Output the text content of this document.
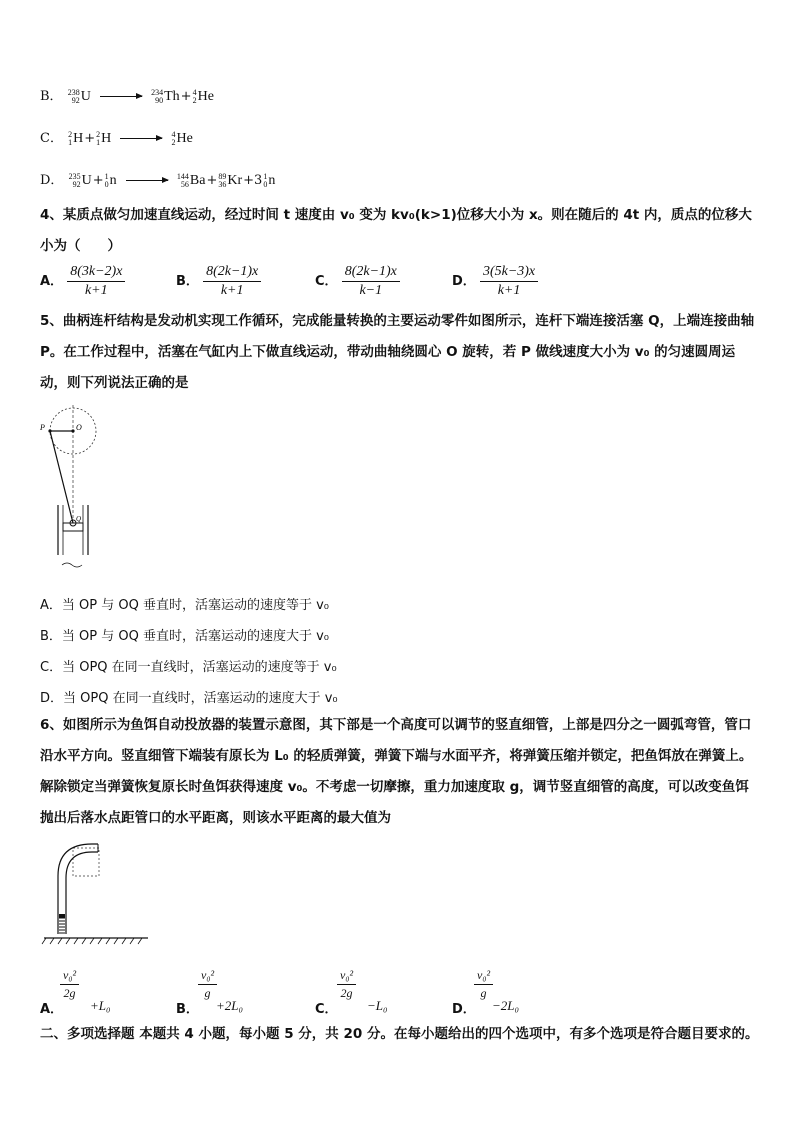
B． 238
92 U → 234
90 Th+ 4
2 He
C． 2
1 H+ 2
1 H → 4
2 He
D． 235
92 U+ 1
0 n → 144
56 Ba+ 89
36 Kr+3 1
0 n
4、某质点做匀加速直线运动，经过时间 t 速度由 v₀ 变为 kv₀(k>1)位移大小为 x。则在随后的 4t 内，质点的位移大小为（　　）
A． $\frac{8(3k-2)x}{k+1}$	B． $\frac{8(2k-1)x}{k+1}$	C． $\frac{8(2k-1)x}{k-1}$	D． $\frac{3(5k-3)x}{k+1}$
5、曲柄连杆结构是发动机实现工作循环，完成能量转换的主要运动零件如图所示，连杆下端连接活塞 Q，上端连接曲轴 P。在工作过程中，活塞在气缸内上下做直线运动，带动曲轴绕圆心 O 旋转，若 P 做线速度大小为 v₀ 的匀速圆周运动，则下列说法正确的是
P	O
Q
A．当 OP 与 OQ 垂直时，活塞运动的速度等于 v₀
B．当 OP 与 OQ 垂直时，活塞运动的速度大于 v₀
C．当 OPQ 在同一直线时，活塞运动的速度等于 v₀
D．当 OPQ 在同一直线时，活塞运动的速度大于 v₀
6、如图所示为鱼饵自动投放器的装置示意图，其下部是一个高度可以调节的竖直细管，上部是四分之一圆弧弯管，管口沿水平方向。竖直细管下端装有原长为 L₀ 的轻质弹簧，弹簧下端与水面平齐，将弹簧压缩并锁定，把鱼饵放在弹簧上。解除锁定当弹簧恢复原长时鱼饵获得速度 v₀。不考虑一切摩擦，重力加速度取 g，调节竖直细管的高度，可以改变鱼饵抛出后落水点距管口的水平距离，则该水平距离的最大值为
A．
$\frac{\text{v₀²}}{2g}$
+L₀	B．
$\frac{\text{v₀²}}{g}$
+2L₀	C．
$\frac{\text{v₀²}}{2g}$
−L₀	D．
$\frac{\text{v₀²}}{g}$
−2L₀
二、多项选择题 本题共 4 小题，每小题 5 分，共 20 分。在每小题给出的四个选项中，有多个选项是符合题目要求的。
